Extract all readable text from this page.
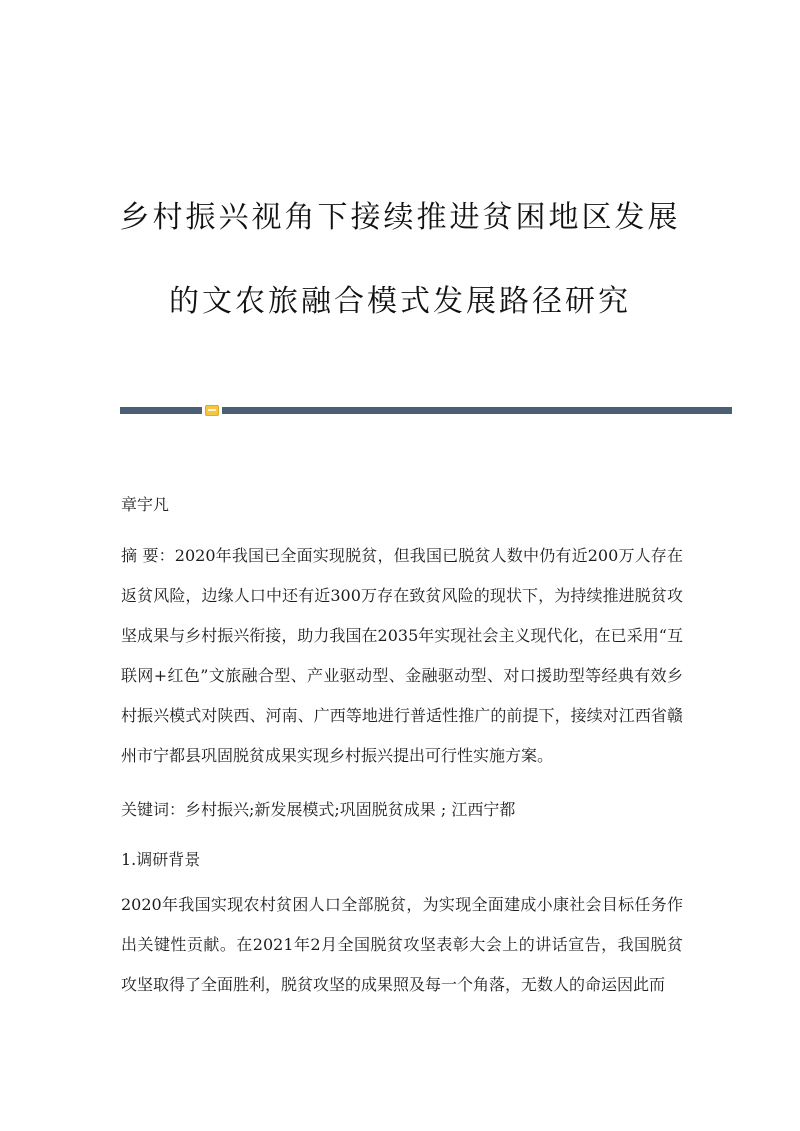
乡村振兴视角下接续推进贫困地区发展
的文农旅融合模式发展路径研究
章宇凡
摘 要：2020年我国已全面实现脱贫，但我国已脱贫人数中仍有近200万人存在返贫风险，边缘人口中还有近300万存在致贫风险的现状下，为持续推进脱贫攻坚成果与乡村振兴衔接，助力我国在2035年实现社会主义现代化，在已采用“互联网+红色”文旅融合型、产业驱动型、金融驱动型、对口援助型等经典有效乡村振兴模式对陕西、河南、广西等地进行普适性推广的前提下，接续对江西省赣州市宁都县巩固脱贫成果实现乡村振兴提出可行性实施方案。
关键词：乡村振兴;新发展模式;巩固脱贫成果 ; 江西宁都
1.调研背景
2020年我国实现农村贫困人口全部脱贫，为实现全面建成小康社会目标任务作出关键性贡献。在2021年2月全国脱贫攻坚表彰大会上的讲话宣告，我国脱贫攻坚取得了全面胜利，脱贫攻坚的成果照及每一个角落，无数人的命运因此而
